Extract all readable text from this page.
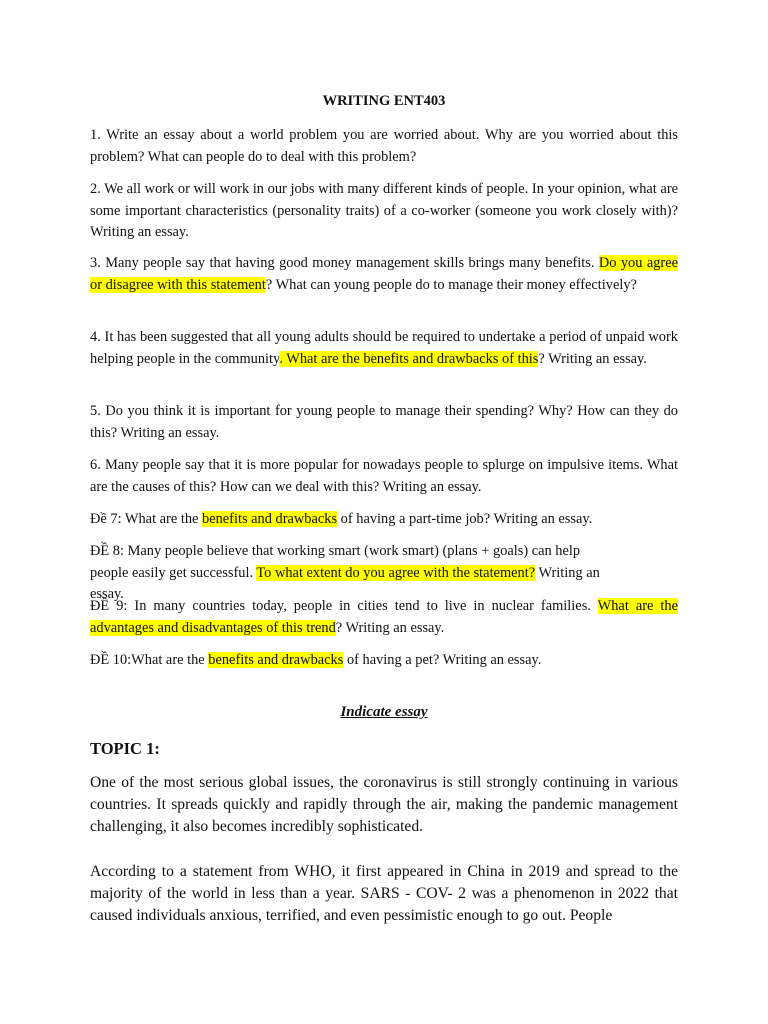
WRITING ENT403
1. Write an essay about a world problem you are worried about. Why are you worried about this problem? What can people do to deal with this problem?
2. We all work or will work in our jobs with many different kinds of people. In your opinion, what are some important characteristics (personality traits) of a co-worker (someone you work closely with)? Writing an essay.
3. Many people say that having good money management skills brings many benefits. Do you agree or disagree with this statement? What can young people do to manage their money effectively?
4. It has been suggested that all young adults should be required to undertake a period of unpaid work helping people in the community. What are the benefits and drawbacks of this? Writing an essay.
5. Do you think it is important for young people to manage their spending? Why? How can they do this? Writing an essay.
6. Many people say that it is more popular for nowadays people to splurge on impulsive items. What are the causes of this? How can we deal with this? Writing an essay.
Đề 7: What are the benefits and drawbacks of having a part-time job? Writing an essay.
ĐỀ 8: Many people believe that working smart (work smart) (plans + goals) can help people easily get successful. To what extent do you agree with the statement? Writing an essay.
ĐỀ 9: In many countries today, people in cities tend to live in nuclear families. What are the advantages and disadvantages of this trend? Writing an essay.
ĐỀ 10:What are the benefits and drawbacks of having a pet? Writing an essay.
Indicate essay
TOPIC 1:
One of the most serious global issues, the coronavirus is still strongly continuing in various countries. It spreads quickly and rapidly through the air, making the pandemic management challenging, it also becomes incredibly sophisticated.
According to a statement from WHO, it first appeared in China in 2019 and spread to the majority of the world in less than a year. SARS - COV- 2 was a phenomenon in 2022 that caused individuals anxious, terrified, and even pessimistic enough to go out. People
